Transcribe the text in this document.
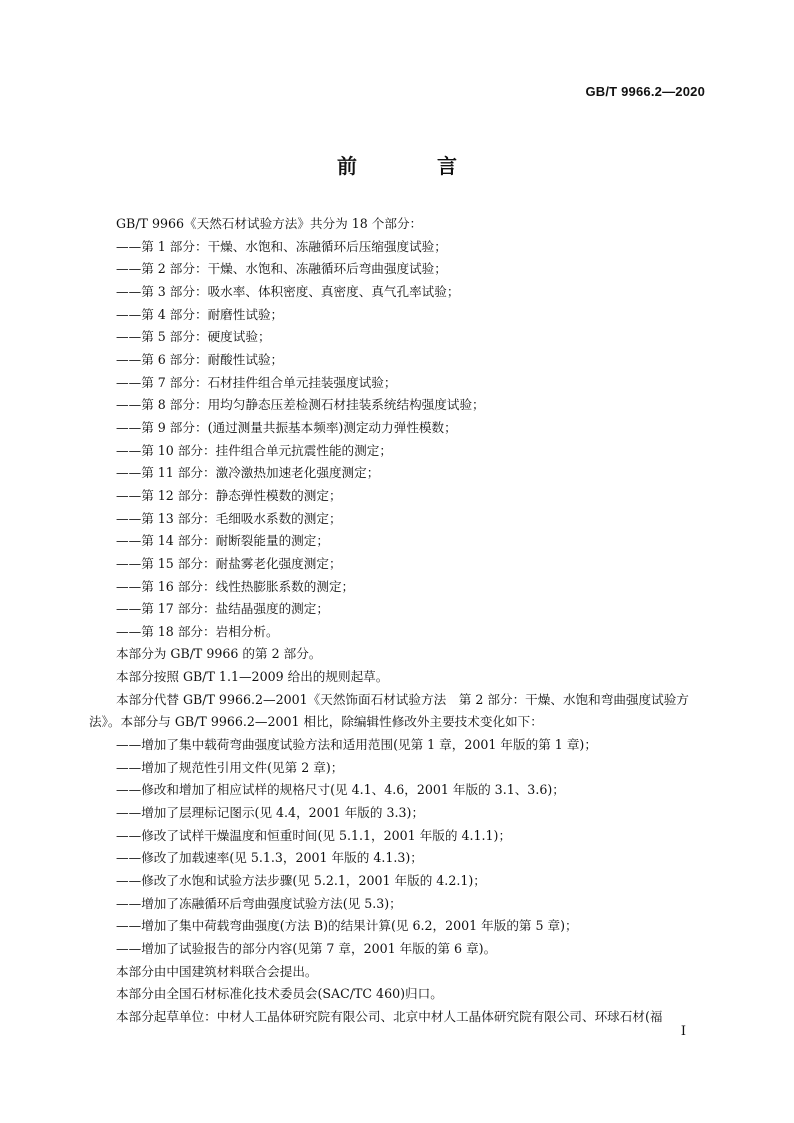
GB/T 9966.2—2020
前　言

GB/T 9966《天然石材试验方法》共分为 18 个部分：

——第 1 部分：干燥、水饱和、冻融循环后压缩强度试验；

——第 2 部分：干燥、水饱和、冻融循环后弯曲强度试验；

——第 3 部分：吸水率、体积密度、真密度、真气孔率试验；

——第 4 部分：耐磨性试验；

——第 5 部分：硬度试验；

——第 6 部分：耐酸性试验；

——第 7 部分：石材挂件组合单元挂装强度试验；

——第 8 部分：用均匀静态压差检测石材挂装系统结构强度试验；

——第 9 部分：(通过测量共振基本频率)测定动力弹性模数；

——第 10 部分：挂件组合单元抗震性能的测定；

——第 11 部分：激冷激热加速老化强度测定；

——第 12 部分：静态弹性模数的测定；

——第 13 部分：毛细吸水系数的测定；

——第 14 部分：耐断裂能量的测定；

——第 15 部分：耐盐雾老化强度测定；

——第 16 部分：线性热膨胀系数的测定；

——第 17 部分：盐结晶强度的测定；

——第 18 部分：岩相分析。

本部分为 GB/T 9966 的第 2 部分。

本部分按照 GB/T 1.1—2009 给出的规则起草。

本部分代替 GB/T 9966.2—2001《天然饰面石材试验方法　第 2 部分：干燥、水饱和弯曲强度试验方法》。本部分与 GB/T 9966.2—2001 相比，除编辑性修改外主要技术变化如下：

——增加了集中载荷弯曲强度试验方法和适用范围(见第 1 章，2001 年版的第 1 章)；

——增加了规范性引用文件(见第 2 章)；

——修改和增加了相应试样的规格尺寸(见 4.1、4.6，2001 年版的 3.1、3.6)；

——增加了层理标记图示(见 4.4，2001 年版的 3.3)；

——修改了试样干燥温度和恒重时间(见 5.1.1，2001 年版的 4.1.1)；

——修改了加载速率(见 5.1.3，2001 年版的 4.1.3)；

——修改了水饱和试验方法步骤(见 5.2.1，2001 年版的 4.2.1)；

——增加了冻融循环后弯曲强度试验方法(见 5.3)；

——增加了集中荷载弯曲强度(方法 B)的结果计算(见 6.2，2001 年版的第 5 章)；

——增加了试验报告的部分内容(见第 7 章，2001 年版的第 6 章)。

本部分由中国建筑材料联合会提出。

本部分由全国石材标准化技术委员会(SAC/TC 460)归口。

本部分起草单位：中材人工晶体研究院有限公司、北京中材人工晶体研究院有限公司、环球石材(福

I
